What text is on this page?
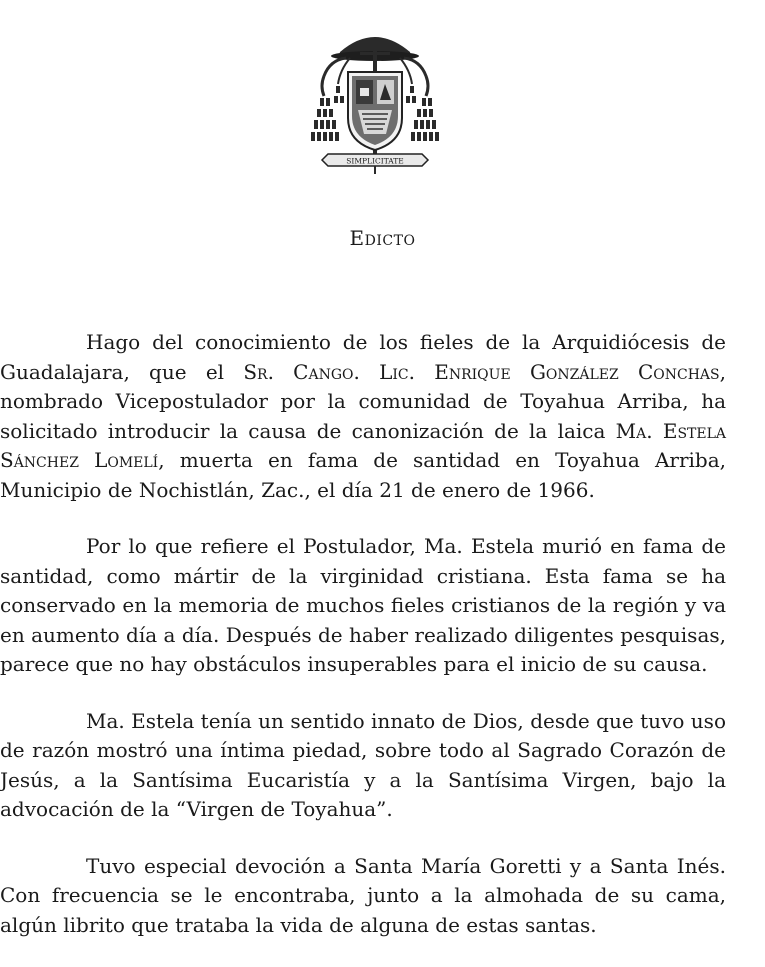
SIMPLICITATE
Edicto

Hago del conocimiento de los fieles de la Arquidiócesis de Guadalajara, que el Sr. Cango. Lic. Enrique González Conchas, nombrado Vicepostulador por la comunidad de Toyahua Arriba, ha solicitado introducir la causa de canonización de la laica Ma. Estela Sánchez Lomelí, muerta en fama de santidad en Toyahua Arriba, Municipio de Nochistlán, Zac., el día 21 de enero de 1966.

Por lo que refiere el Postulador, Ma. Estela murió en fama de santidad, como mártir de la virginidad cristiana. Esta fama se ha conservado en la memoria de muchos fieles cristianos de la región y va en aumento día a día. Después de haber realizado diligentes pesquisas, parece que no hay obstáculos insuperables para el inicio de su causa.

Ma. Estela tenía un sentido innato de Dios, desde que tuvo uso de razón mostró una íntima piedad, sobre todo al Sagrado Corazón de Jesús, a la Santísima Eucaristía y a la Santísima Virgen, bajo la advocación de la “Virgen de Toyahua”.

Tuvo especial devoción a Santa María Goretti y a Santa Inés. Con frecuencia se le encontraba, junto a la almohada de su cama, algún librito que trataba la vida de alguna de estas santas.
